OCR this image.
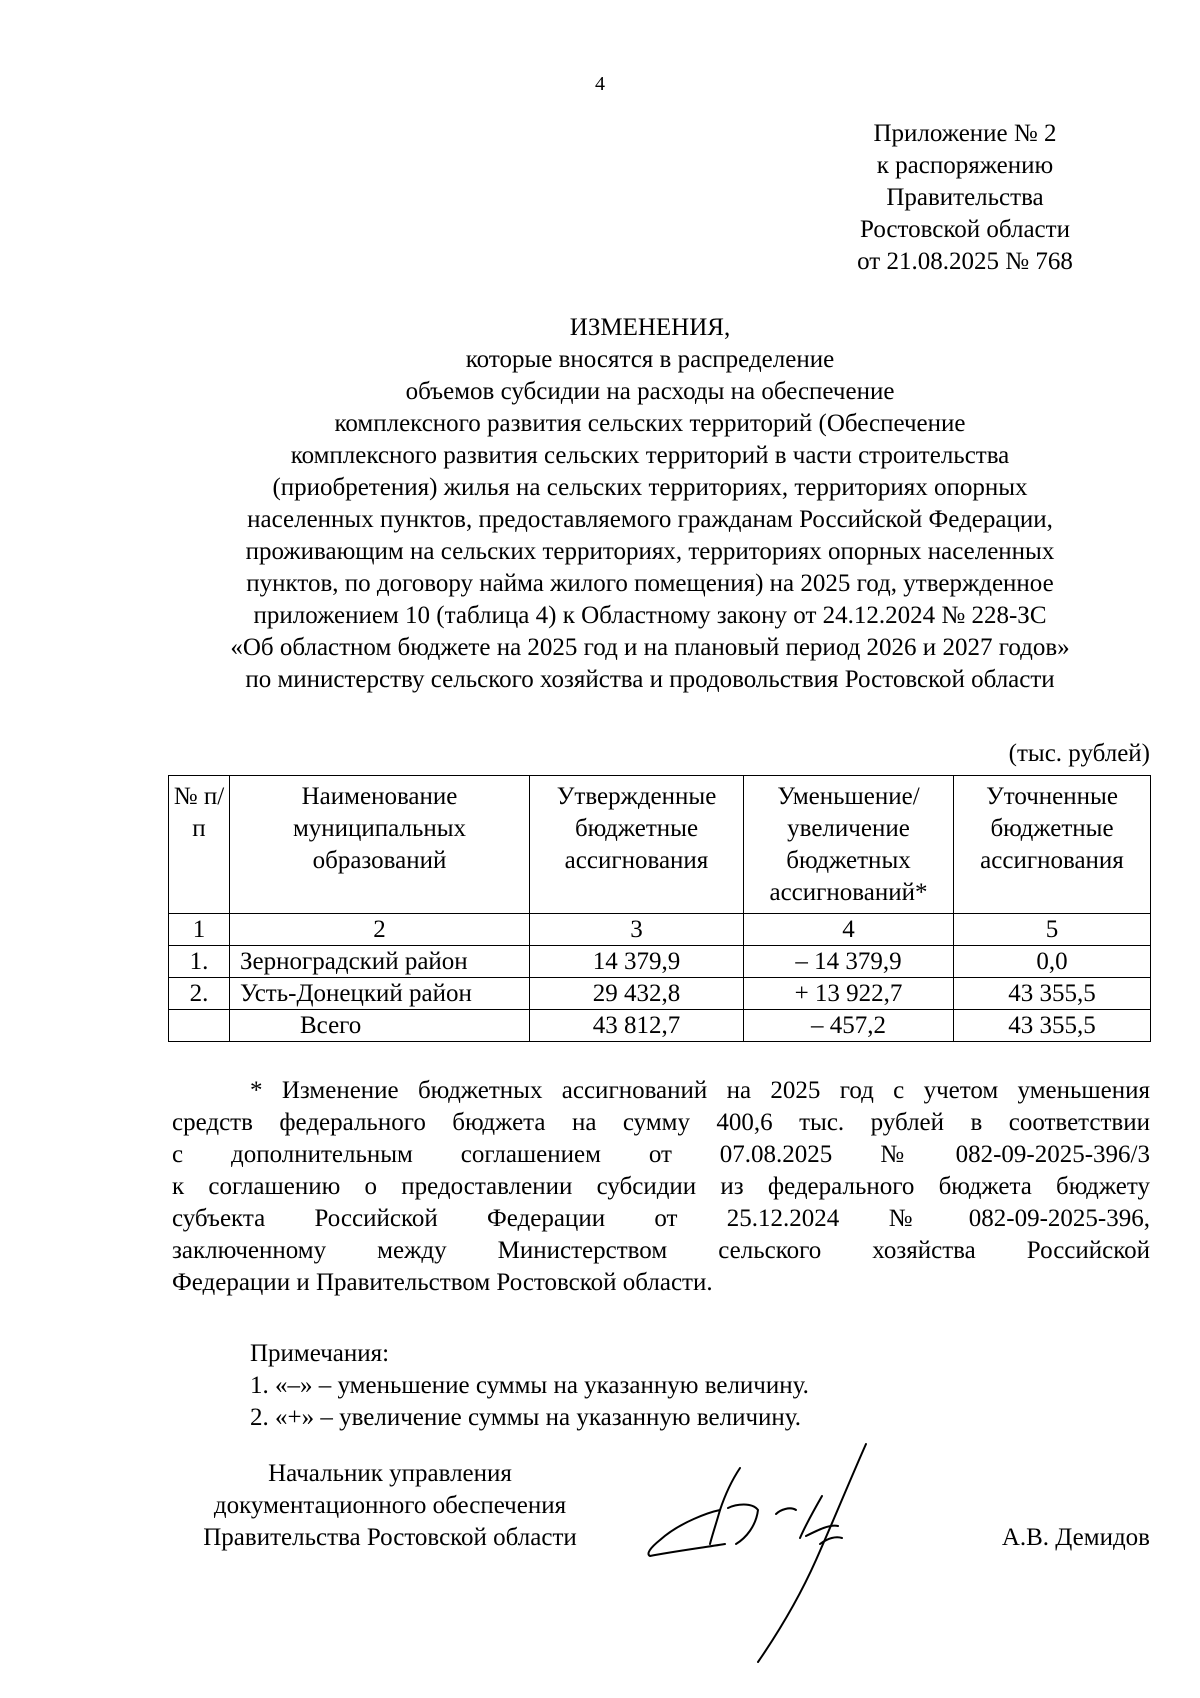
4
Приложение № 2
к распоряжению
Правительства
Ростовской области
от 21.08.2025 № 768
ИЗМЕНЕНИЯ,
которые вносятся в распределение
объемов субсидии на расходы на обеспечение
комплексного развития сельских территорий (Обеспечение
комплексного развития сельских территорий в части строительства
(приобретения) жилья на сельских территориях, территориях опорных
населенных пунктов, предоставляемого гражданам Российской Федерации,
проживающим на сельских территориях, территориях опорных населенных
пунктов, по договору найма жилого помещения) на 2025 год, утвержденное
приложением 10 (таблица 4) к Областному закону от 24.12.2024 № 228-ЗС
«Об областном бюджете на 2025 год и на плановый период 2026 и 2027 годов»
по министерству сельского хозяйства и продовольствия Ростовской области
(тыс. рублей)
№ п/п	Наименование муниципальных образований	Утвержденные бюджетные ассигнования	Уменьшение/ увеличение бюджетных ассигнований*	Уточненные бюджетные ассигнования
1	2	3	4	5
1.	Зерноградский район	14 379,9	– 14 379,9	0,0
2.	Усть-Донецкий район	29 432,8	+ 13 922,7	43 355,5
	Всего	43 812,7	– 457,2	43 355,5
* Изменение бюджетных ассигнований на 2025 год с учетом уменьшения
средств федерального бюджета на сумму 400,6 тыс. рублей в соответствии
с дополнительным соглашением от 07.08.2025 № 082-09-2025-396/3
к соглашению о предоставлении субсидии из федерального бюджета бюджету
субъекта Российской Федерации от 25.12.2024 № 082-09-2025-396,
заключенному между Министерством сельского хозяйства Российской
Федерации и Правительством Ростовской области.
Примечания:
1. «–» – уменьшение суммы на указанную величину.
2. «+» – увеличение суммы на указанную величину.
Начальник управления
документационного обеспечения
Правительства Ростовской области	А.В. Демидов
